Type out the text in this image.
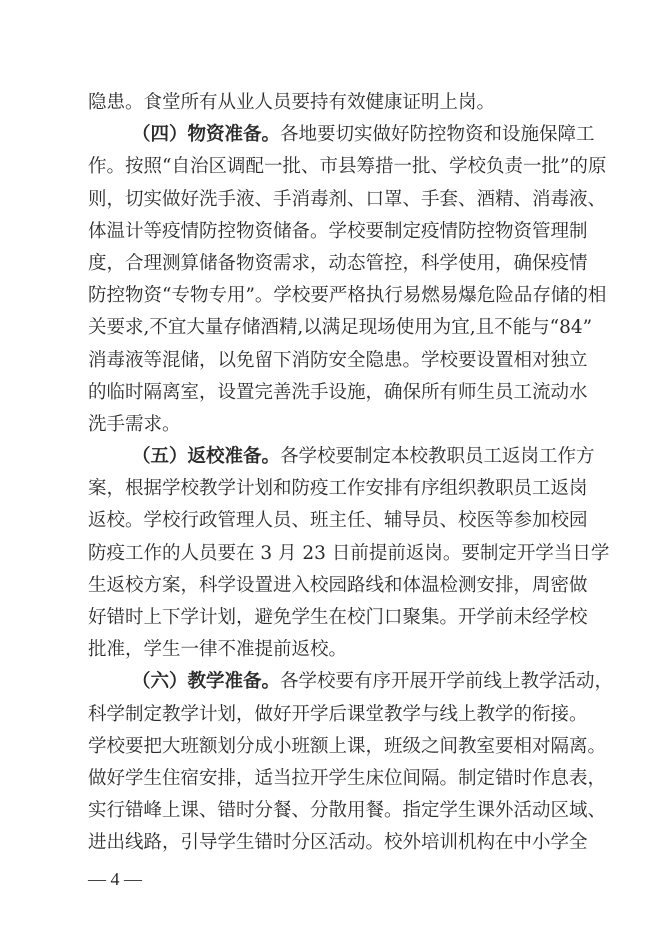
隐患。食堂所有从业人员要持有效健康证明上岗。
（四）物资准备。各地要切实做好防控物资和设施保障工
作。按照“自治区调配一批、市县筹措一批、学校负责一批”的原
则，切实做好洗手液、手消毒剂、口罩、手套、酒精、消毒液、
体温计等疫情防控物资储备。学校要制定疫情防控物资管理制
度，合理测算储备物资需求，动态管控，科学使用，确保疫情
防控物资“专物专用”。学校要严格执行易燃易爆危险品存储的相
关要求,不宜大量存储酒精,以满足现场使用为宜,且不能与“84”
消毒液等混储，以免留下消防安全隐患。学校要设置相对独立
的临时隔离室，设置完善洗手设施，确保所有师生员工流动水
洗手需求。
（五）返校准备。各学校要制定本校教职员工返岗工作方
案，根据学校教学计划和防疫工作安排有序组织教职员工返岗
返校。学校行政管理人员、班主任、辅导员、校医等参加校园
防疫工作的人员要在 3 月 23 日前提前返岗。要制定开学当日学
生返校方案，科学设置进入校园路线和体温检测安排，周密做
好错时上下学计划，避免学生在校门口聚集。开学前未经学校
批准，学生一律不准提前返校。
（六）教学准备。各学校要有序开展开学前线上教学活动，
科学制定教学计划，做好开学后课堂教学与线上教学的衔接。
学校要把大班额划分成小班额上课，班级之间教室要相对隔离。
做好学生住宿安排，适当拉开学生床位间隔。制定错时作息表，
实行错峰上课、错时分餐、分散用餐。指定学生课外活动区域、
进出线路，引导学生错时分区活动。校外培训机构在中小学全
— 4 —
